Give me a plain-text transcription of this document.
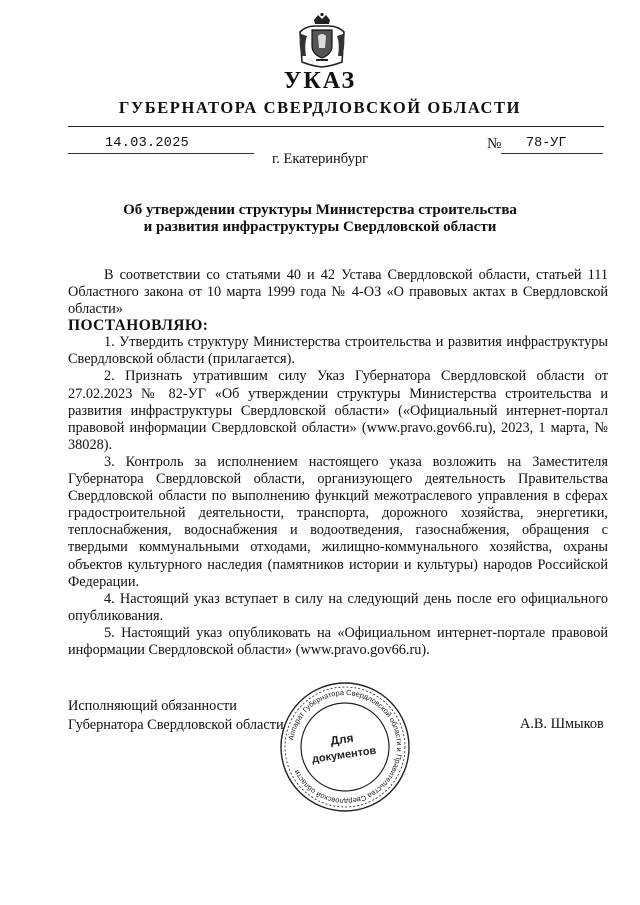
УКАЗ
ГУБЕРНАТОРА СВЕРДЛОВСКОЙ ОБЛАСТИ
14.03.2025	№ 78-УГ
г. Екатеринбург
Об утверждении структуры Министерства строительства
и развития инфраструктуры Свердловской области

В соответствии со статьями 40 и 42 Устава Свердловской области, статьей 111 Областного закона от 10 марта 1999 года № 4-ОЗ «О правовых актах в Свердловской области»

ПОСТАНОВЛЯЮ:

1. Утвердить структуру Министерства строительства и развития инфраструктуры Свердловской области (прилагается).

2. Признать утратившим силу Указ Губернатора Свердловской области от 27.02.2023 № 82-УГ «Об утверждении структуры Министерства строительства и развития инфраструктуры Свердловской области» («Официальный интернет-портал правовой информации Свердловской области» (www.pravo.gov66.ru), 2023, 1 марта, № 38028).

3. Контроль за исполнением настоящего указа возложить на Заместителя Губернатора Свердловской области, организующего деятельность Правительства Свердловской области по выполнению функций межотраслевого управления в сферах градостроительной деятельности, транспорта, дорожного хозяйства, энергетики, теплоснабжения, водоснабжения и водоотведения, газоснабжения, обращения с твердыми коммунальными отходами, жилищно-коммунального хозяйства, охраны объектов культурного наследия (памятников истории и культуры) народов Российской Федерации.

4. Настоящий указ вступает в силу на следующий день после его официального опубликования.

5. Настоящий указ опубликовать на «Официальном интернет-портале правовой информации Свердловской области» (www.pravo.gov66.ru).

Исполняющий обязанности
Губернатора Свердловской области	А.В. Шмыков
Аппарат Губернатора Свердловской области и Правительства Свердловской области
Для
документов
